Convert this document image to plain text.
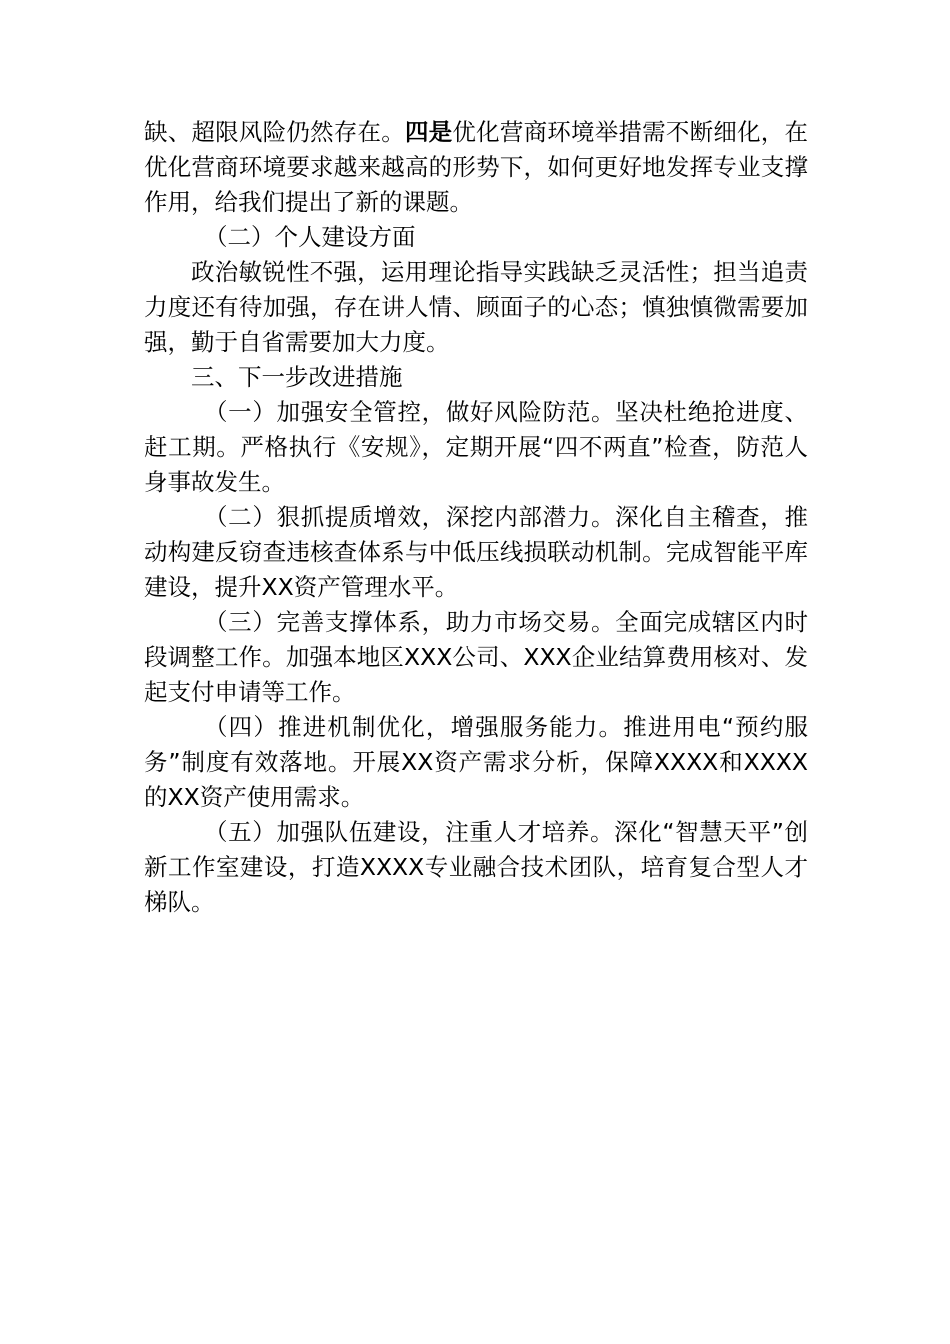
缺、超限风险仍然存在。四是优化营商环境举措需不断细化，在优化营商环境要求越来越高的形势下，如何更好地发挥专业支撑作用，给我们提出了新的课题。

（二）个人建设方面

政治敏锐性不强，运用理论指导实践缺乏灵活性；担当追责力度还有待加强，存在讲人情、顾面子的心态；慎独慎微需要加强，勤于自省需要加大力度。

三、下一步改进措施

（一）加强安全管控，做好风险防范。坚决杜绝抢进度、赶工期。严格执行《安规》，定期开展“四不两直”检查，防范人身事故发生。

（二）狠抓提质增效，深挖内部潜力。深化自主稽查，推动构建反窃查违核查体系与中低压线损联动机制。完成智能平库建设，提升XX资产管理水平。

（三）完善支撑体系，助力市场交易。全面完成辖区内时段调整工作。加强本地区XXX公司、XXX企业结算费用核对、发起支付申请等工作。

（四）推进机制优化，增强服务能力。推进用电“预约服务”制度有效落地。开展XX资产需求分析，保障XXXX和XXXX的XX资产使用需求。

（五）加强队伍建设，注重人才培养。深化“智慧天平”创新工作室建设，打造XXXX专业融合技术团队，培育复合型人才梯队。
